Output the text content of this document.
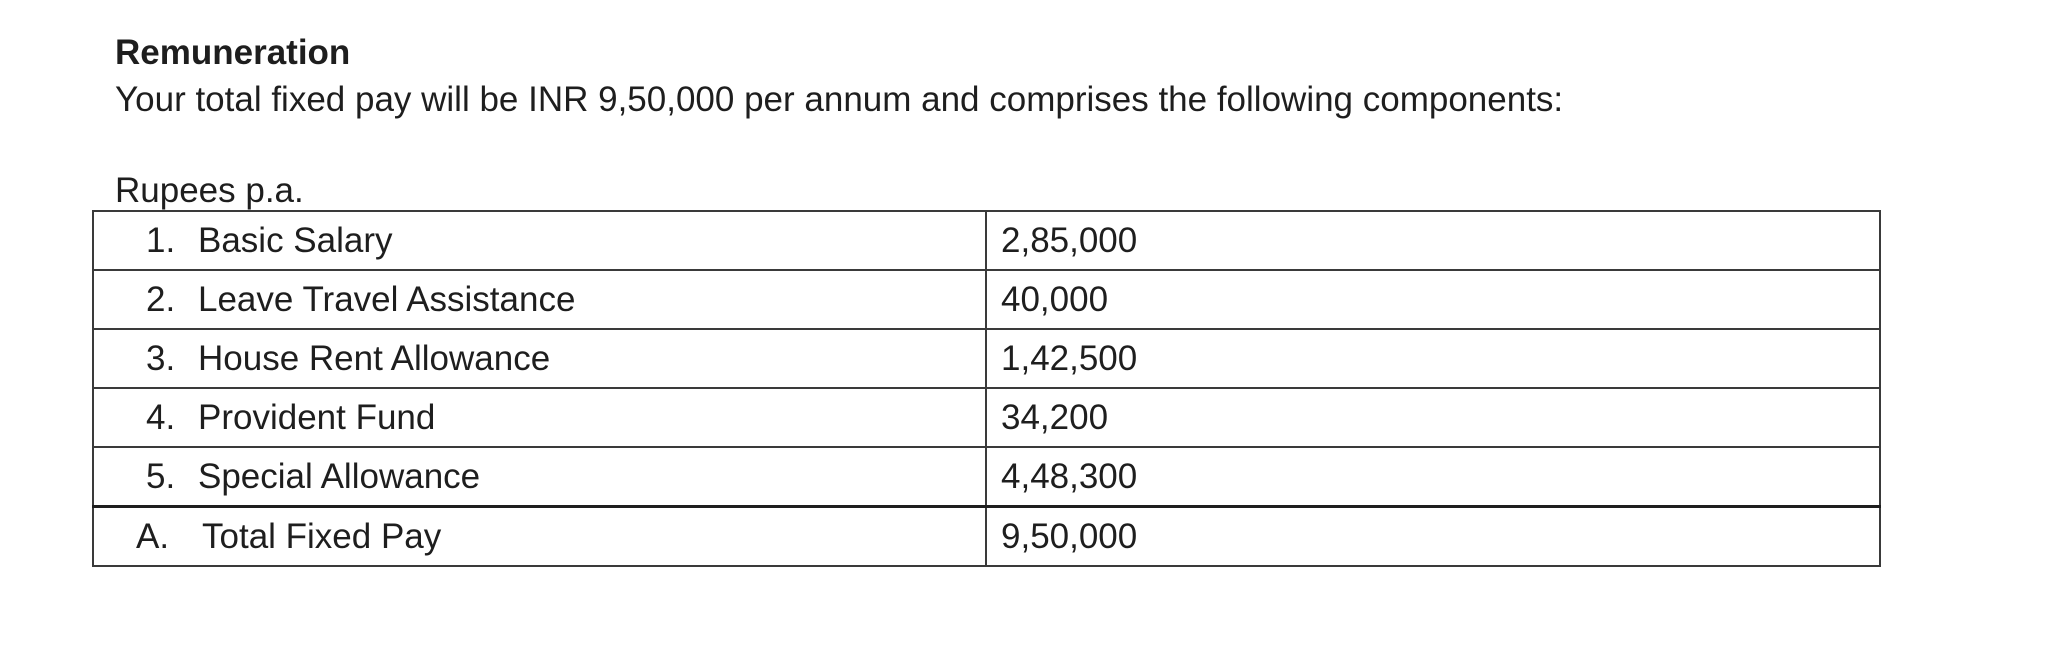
Remuneration
Your total fixed pay will be INR 9,50,000 per annum and comprises the following components:
Rupees p.a.
1. Basic Salary	2,85,000
2. Leave Travel Assistance	40,000
3. House Rent Allowance	1,42,500
4. Provident Fund	34,200
5. Special Allowance	4,48,300
A. Total Fixed Pay	9,50,000
